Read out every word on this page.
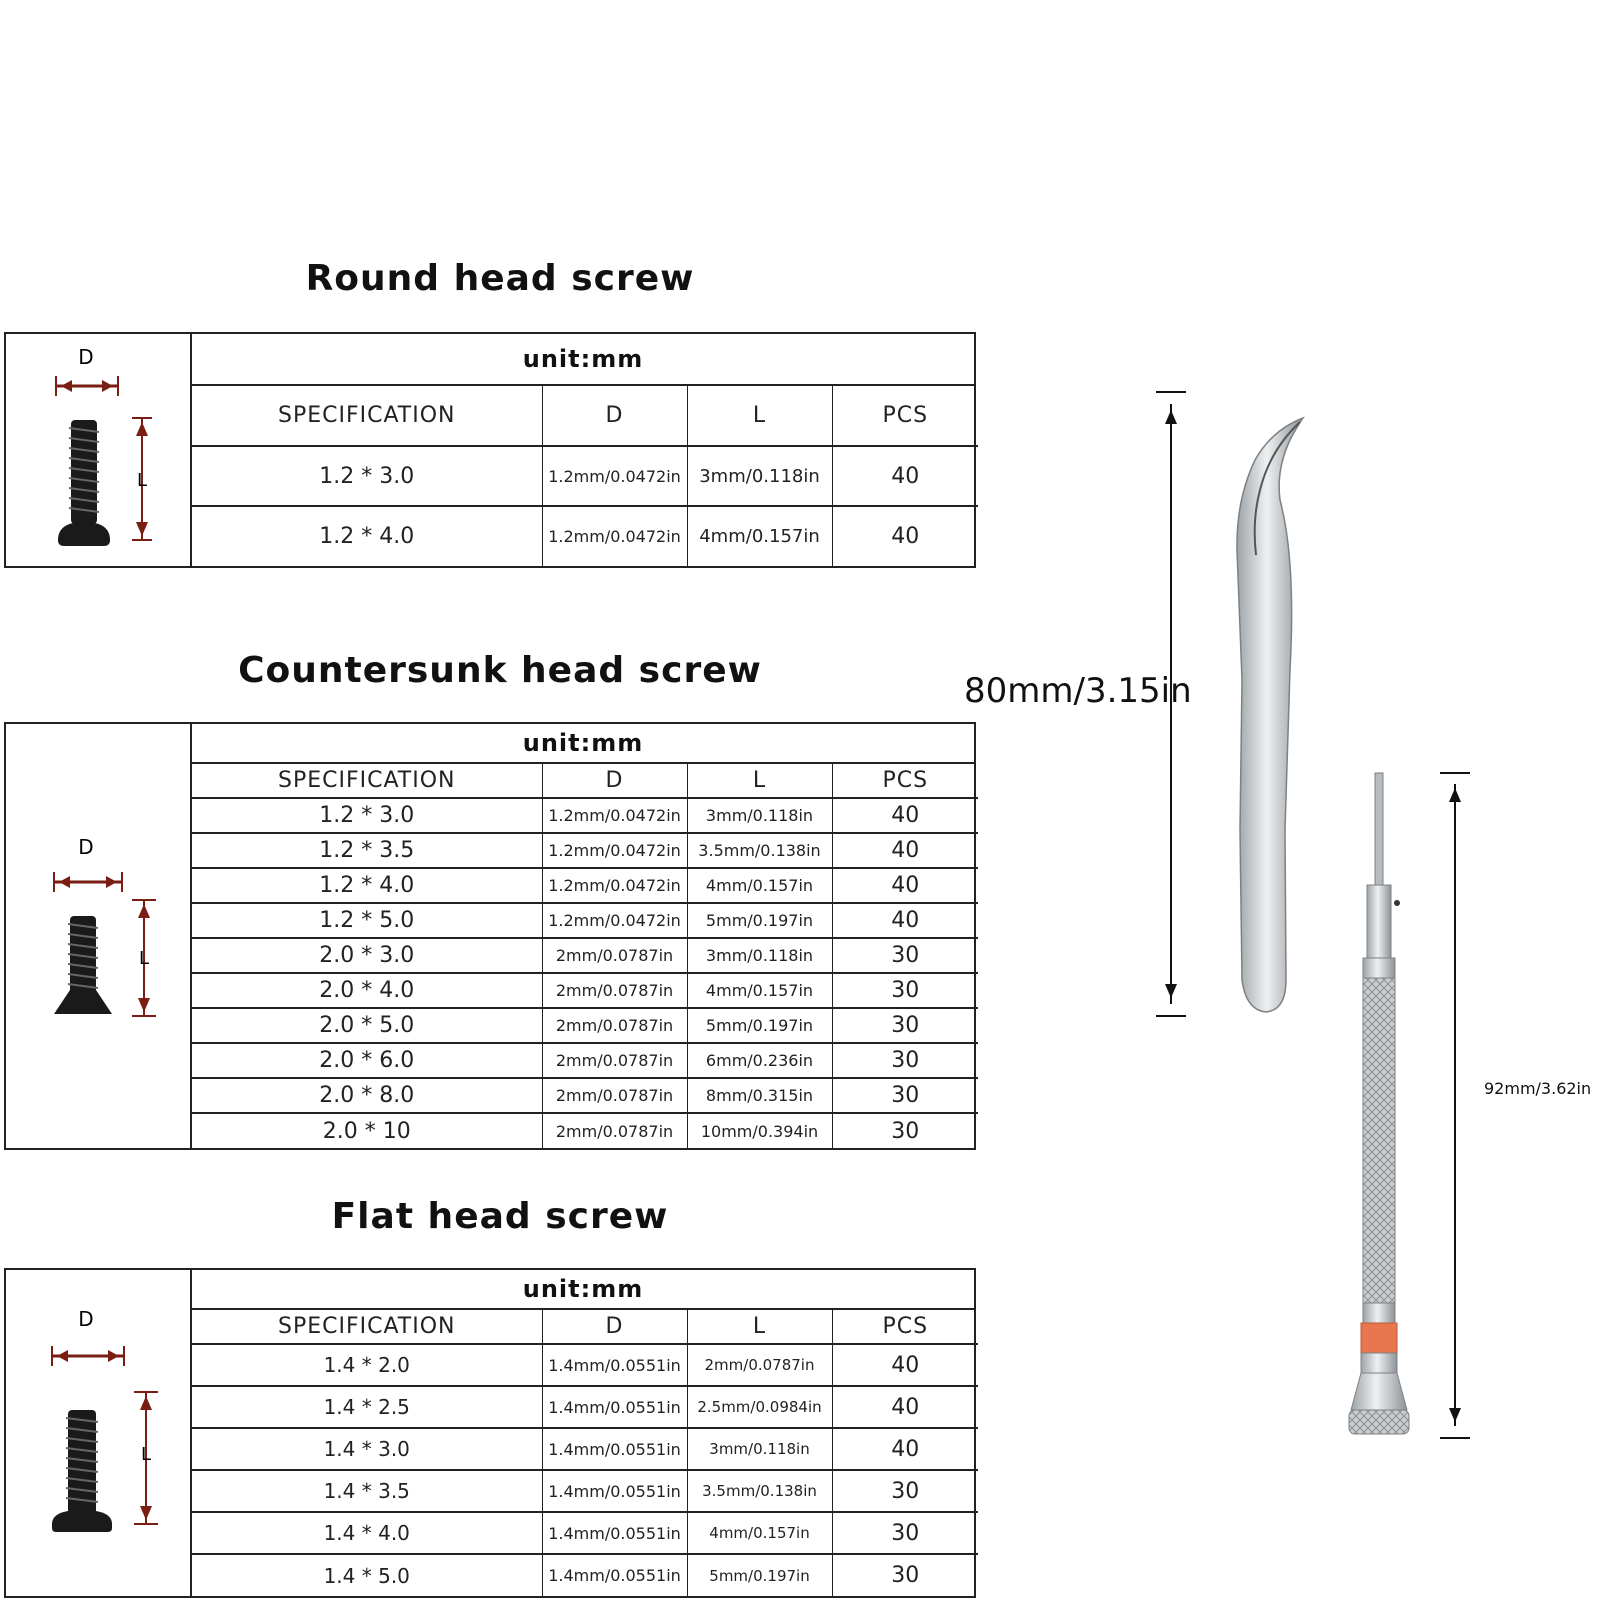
Round head screw
D
L
unit:mm
SPECIFICATION	D	L	PCS
1.2 * 3.0	1.2mm/0.0472in	3mm/0.118in	40
1.2 * 4.0	1.2mm/0.0472in	4mm/0.157in	40
Countersunk head screw
D
L
unit:mm
SPECIFICATION	D	L	PCS
1.2 * 3.0	1.2mm/0.0472in	3mm/0.118in	40
1.2 * 3.5	1.2mm/0.0472in	3.5mm/0.138in	40
1.2 * 4.0	1.2mm/0.0472in	4mm/0.157in	40
1.2 * 5.0	1.2mm/0.0472in	5mm/0.197in	40
2.0 * 3.0	2mm/0.0787in	3mm/0.118in	30
2.0 * 4.0	2mm/0.0787in	4mm/0.157in	30
2.0 * 5.0	2mm/0.0787in	5mm/0.197in	30
2.0 * 6.0	2mm/0.0787in	6mm/0.236in	30
2.0 * 8.0	2mm/0.0787in	8mm/0.315in	30
2.0 * 10	2mm/0.0787in	10mm/0.394in	30
Flat head screw
D
L
unit:mm
SPECIFICATION	D	L	PCS
1.4 * 2.0	1.4mm/0.0551in	2mm/0.0787in	40
1.4 * 2.5	1.4mm/0.0551in	2.5mm/0.0984in	40
1.4 * 3.0	1.4mm/0.0551in	3mm/0.118in	40
1.4 * 3.5	1.4mm/0.0551in	3.5mm/0.138in	30
1.4 * 4.0	1.4mm/0.0551in	4mm/0.157in	30
1.4 * 5.0	1.4mm/0.0551in	5mm/0.197in	30
80mm/3.15in
92mm/3.62in
